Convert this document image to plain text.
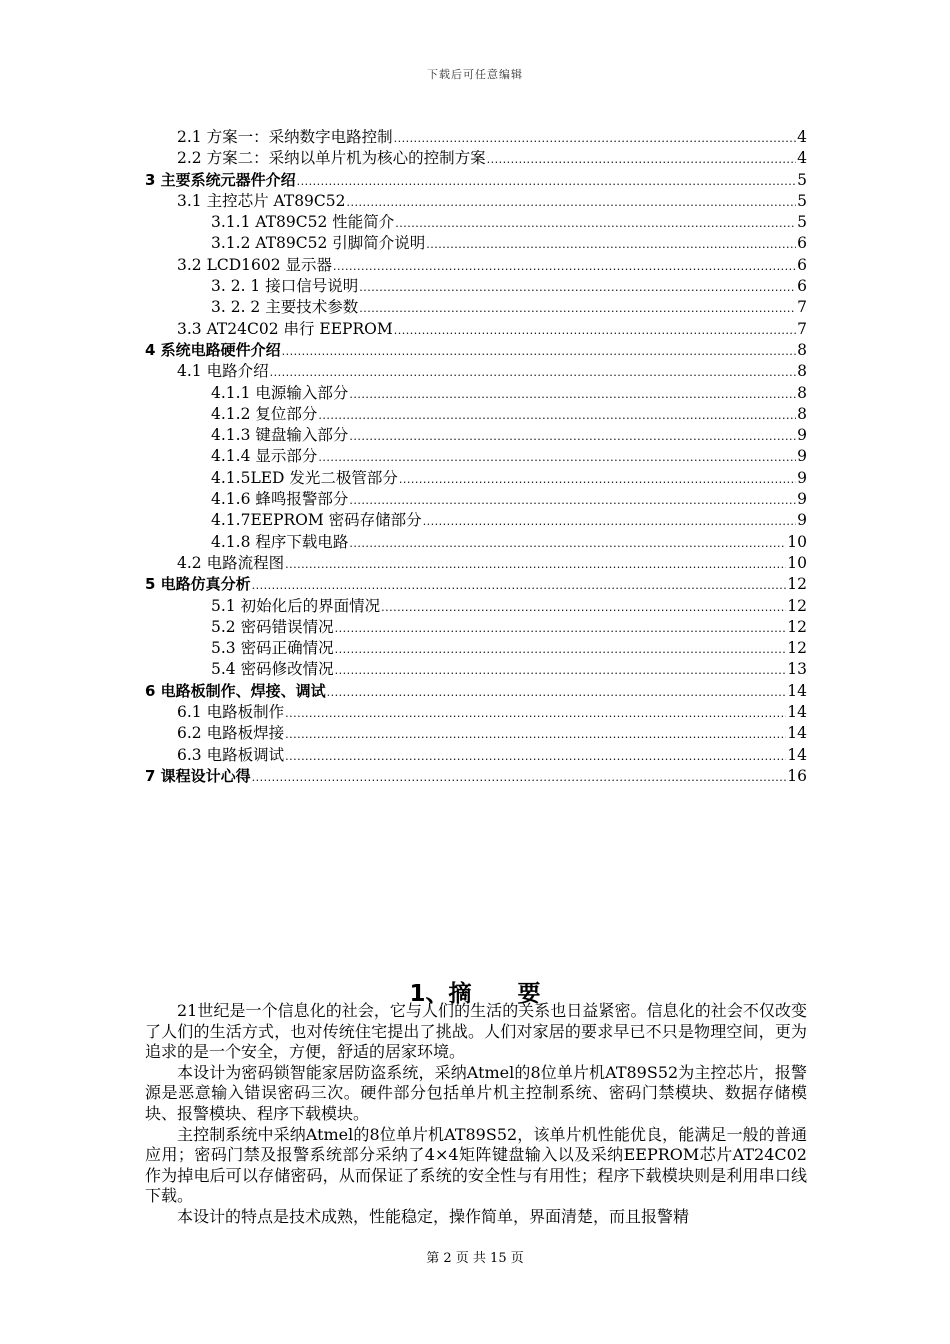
下载后可任意编辑
2.1 方案一：采纳数字电路控制 .....	4
2.2 方案二：采纳以单片机为核心的控制方案 .....	4
3 主要系统元器件介绍 .....	5
3.1 主控芯片 AT89C52 .....	5
3.1.1 AT89C52 性能简介 .....	5
3.1.2 AT89C52 引脚简介说明 .....	6
3.2 LCD1602 显示器 .....	6
3. 2. 1 接口信号说明 .....	6
3. 2. 2 主要技术参数 .....	7
3.3 AT24C02 串行 EEPROM .....	7
4 系统电路硬件介绍 .....	8
4.1 电路介绍 .....	8
4.1.1 电源输入部分 .....	8
4.1.2 复位部分 .....	8
4.1.3 键盘输入部分 .....	9
4.1.4 显示部分 .....	9
4.1.5LED 发光二极管部分 .....	9
4.1.6 蜂鸣报警部分 .....	9
4.1.7EEPROM 密码存储部分 .....	9
4.1.8 程序下载电路 .....	10
4.2 电路流程图 .....	10
5 电路仿真分析 .....	12
5.1 初始化后的界面情况 .....	12
5.2 密码错误情况 .....	12
5.3 密码正确情况 .....	12
5.4 密码修改情况 .....	13
6 电路板制作、焊接、调试 .....	14
6.1 电路板制作 .....	14
6.2 电路板焊接 .....	14
6.3 电路板调试 .....	14
7 课程设计心得 .....	16
1、摘　　要

21世纪是一个信息化的社会，它与人们的生活的关系也日益紧密。信息化的社会不仅改变了人们的生活方式，也对传统住宅提出了挑战。人们对家居的要求早已不只是物理空间，更为追求的是一个安全，方便，舒适的居家环境。

本设计为密码锁智能家居防盗系统，采纳Atmel的8位单片机AT89S52为主控芯片，报警源是恶意输入错误密码三次。硬件部分包括单片机主控制系统、密码门禁模块、数据存储模块、报警模块、程序下载模块。

主控制系统中采纳Atmel的8位单片机AT89S52，该单片机性能优良，能满足一般的普通应用；密码门禁及报警系统部分采纳了4×4矩阵键盘输入以及采纳EEPROM芯片AT24C02作为掉电后可以存储密码，从而保证了系统的安全性与有用性；程序下载模块则是利用串口线下载。

本设计的特点是技术成熟，性能稳定，操作简单，界面清楚，而且报警精

第 2 页 共 15 页
